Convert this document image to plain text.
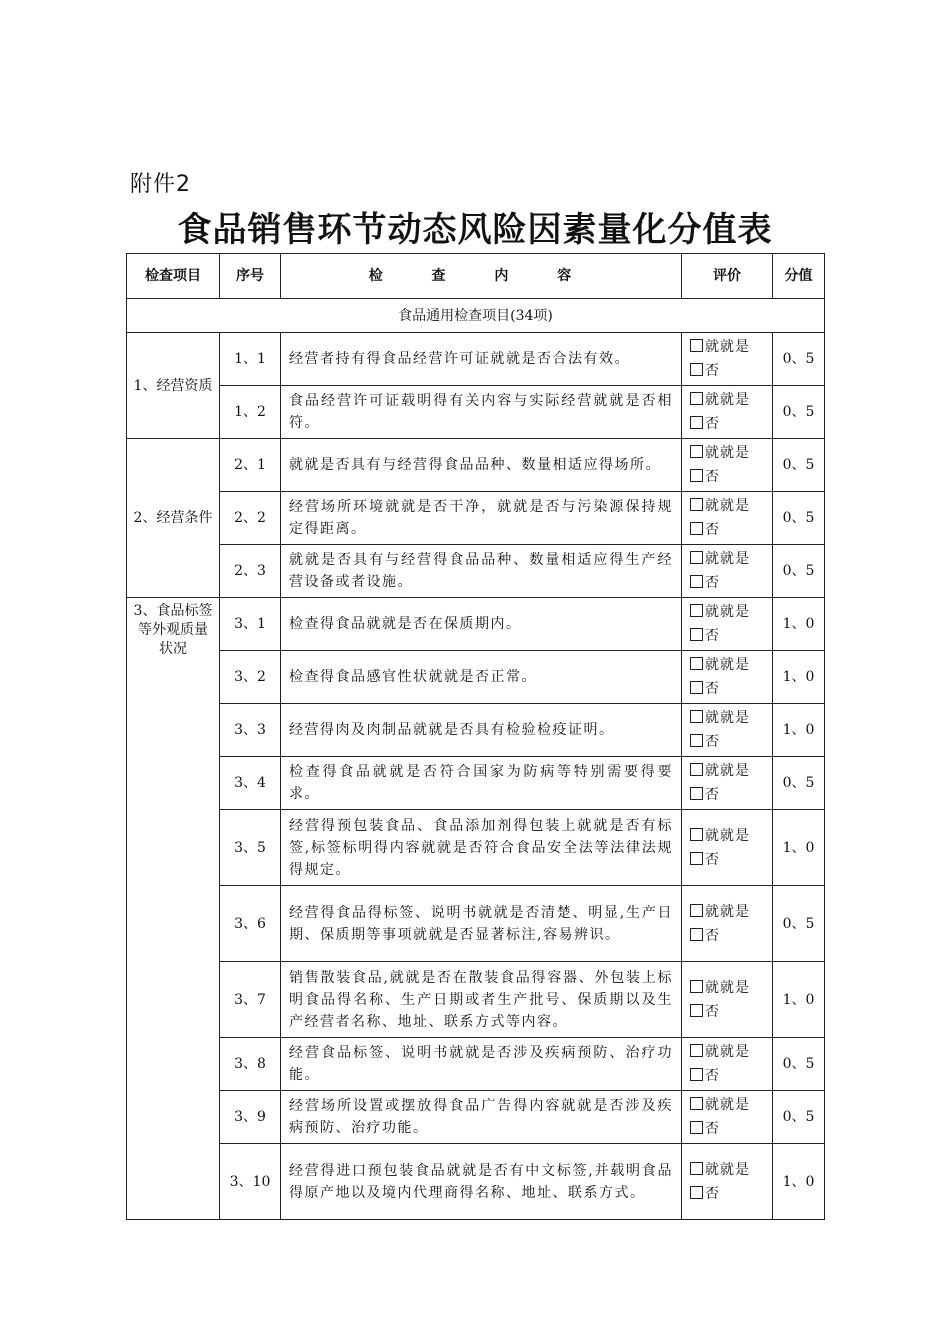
附件2
食品销售环节动态风险因素量化分值表
检查项目	序号	检 查 内 容	评价	分值
食品通用检查项目(34项)				
1、经营资质	1、1	经营者持有得食品经营许可证就就是否合法有效。	就就是
否	0、5
	1、2	食品经营许可证载明得有关内容与实际经营就就是否相符。	就就是
否	0、5
2、经营条件	2、1	就就是否具有与经营得食品品种、数量相适应得场所。	就就是
否	0、5
	2、2	经营场所环境就就是否干净，就就是否与污染源保持规定得距离。	就就是
否	0、5
	2、3	就就是否具有与经营得食品品种、数量相适应得生产经营设备或者设施。	就就是
否	0、5
3、食品标签等外观质量状况	3、1	检查得食品就就是否在保质期内。	就就是
否	1、0
	3、2	检查得食品感官性状就就是否正常。	就就是
否	1、0
	3、3	经营得肉及肉制品就就是否具有检验检疫证明。	就就是
否	1、0
	3、4	检查得食品就就是否符合国家为防病等特别需要得要求。	就就是
否	0、5
	3、5	经营得预包装食品、食品添加剂得包装上就就是否有标签,标签标明得内容就就是否符合食品安全法等法律法规得规定。	就就是
否	1、0
	3、6	经营得食品得标签、说明书就就是否清楚、明显,生产日期、保质期等事项就就是否显著标注,容易辨识。	就就是
否	0、5
	3、7	销售散装食品,就就是否在散装食品得容器、外包装上标明食品得名称、生产日期或者生产批号、保质期以及生产经营者名称、地址、联系方式等内容。	就就是
否	1、0
	3、8	经营食品标签、说明书就就是否涉及疾病预防、治疗功能。	就就是
否	0、5
	3、9	经营场所设置或摆放得食品广告得内容就就是否涉及疾病预防、治疗功能。	就就是
否	0、5
	3、10	经营得进口预包装食品就就是否有中文标签,并载明食品得原产地以及境内代理商得名称、地址、联系方式。	就就是
否	1、0
